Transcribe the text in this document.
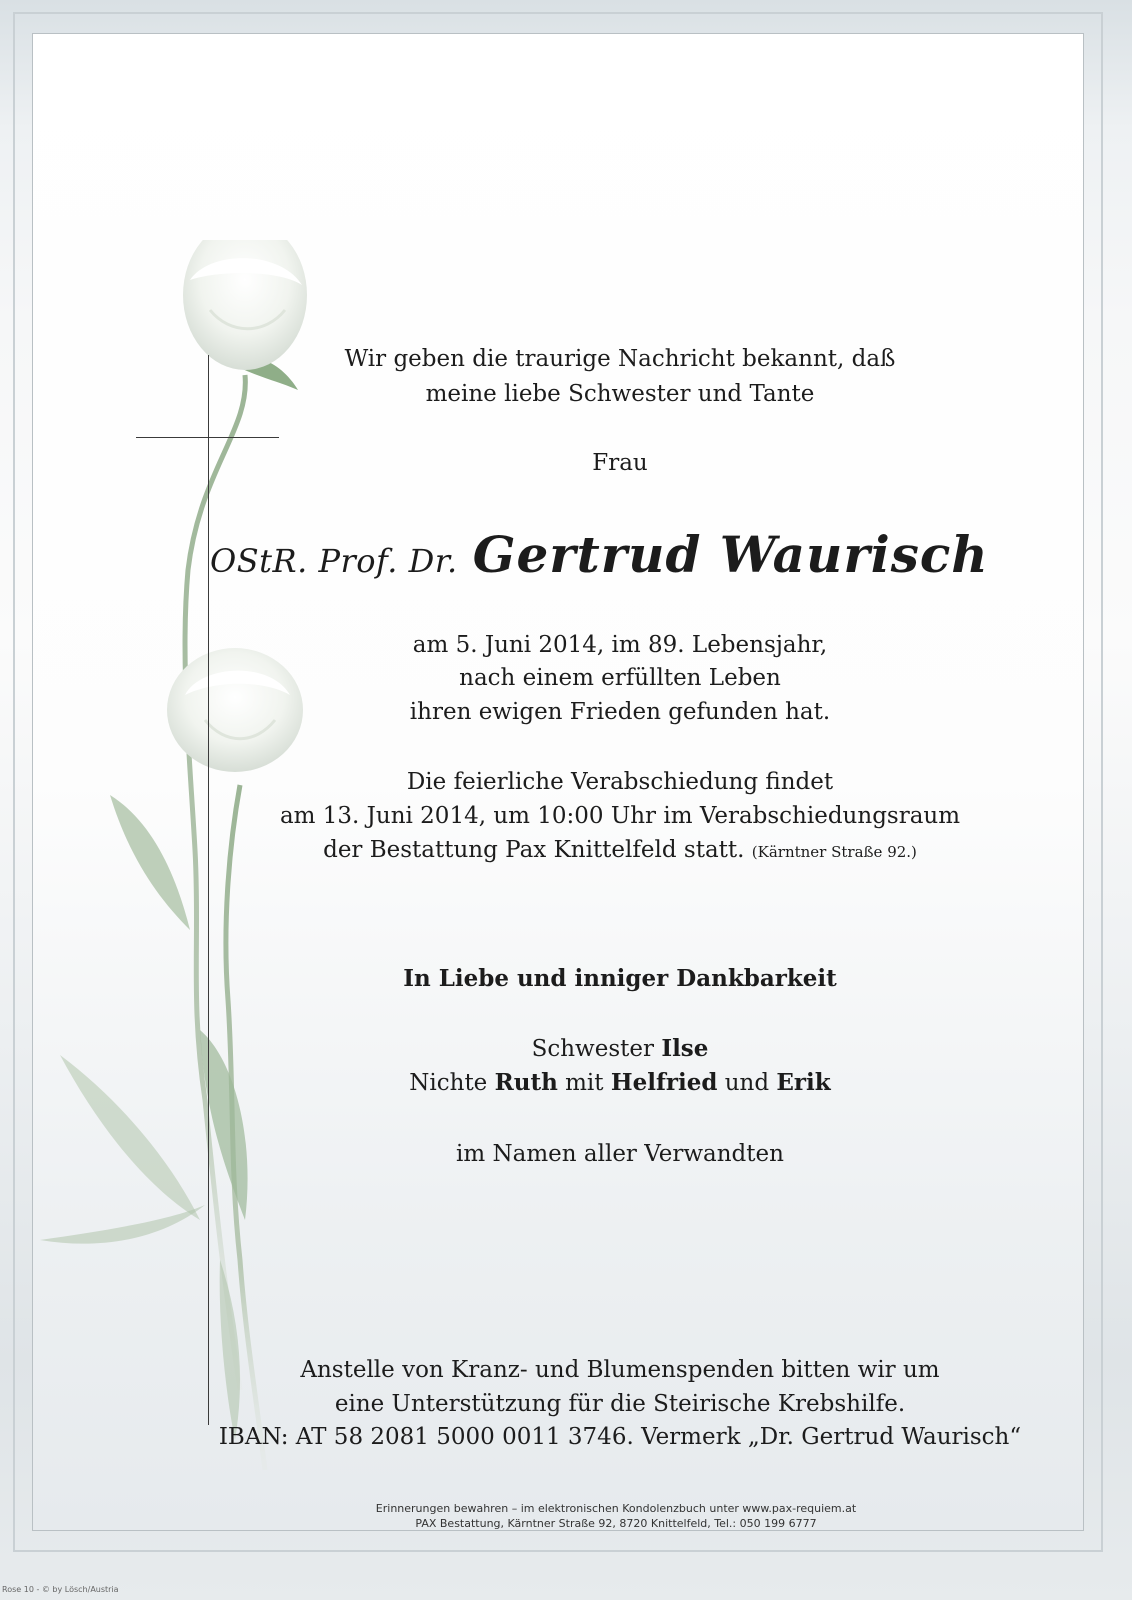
Wir geben die traurige Nachricht bekannt, daß

meine liebe Schwester und Tante

Frau

OStR. Prof. Dr. Gertrud Waurisch

am 5. Juni 2014, im 89. Lebensjahr,

nach einem erfüllten Leben

ihren ewigen Frieden gefunden hat.

Die feierliche Verabschiedung findet

am 13. Juni 2014, um 10:00 Uhr im Verabschiedungsraum

der Bestattung Pax Knittelfeld statt. (Kärntner Straße 92.)

In Liebe und inniger Dankbarkeit

Schwester Ilse

Nichte Ruth mit Helfried und Erik

im Namen aller Verwandten

Anstelle von Kranz- und Blumenspenden bitten wir um

eine Unterstützung für die Steirische Krebshilfe.

IBAN: AT 58 2081 5000 0011 3746. Vermerk „Dr. Gertrud Waurisch“

Erinnerungen bewahren – im elektronischen Kondolenzbuch unter www.pax-requiem.at
PAX Bestattung, Kärntner Straße 92, 8720 Knittelfeld, Tel.: 050 199 6777
Rose 10 - © by Lösch/Austria
